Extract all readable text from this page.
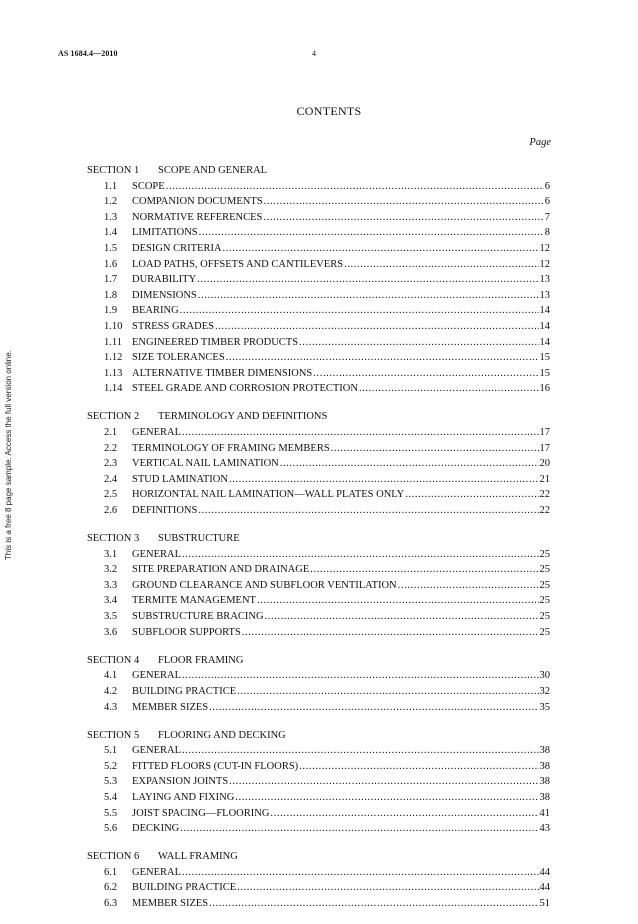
AS 1684.4—2010	4
This is a free 8 page sample. Access the full version online.
CONTENTS
Page
SECTION 1 SCOPE AND GENERAL
1.1	SCOPE .....	6
1.2	COMPANION DOCUMENTS .....	6
1.3	NORMATIVE REFERENCES .....	7
1.4	LIMITATIONS .....	8
1.5	DESIGN CRITERIA .....	12
1.6	LOAD PATHS, OFFSETS AND CANTILEVERS .....	12
1.7	DURABILITY .....	13
1.8	DIMENSIONS .....	13
1.9	BEARING .....	14
1.10 STRESS GRADES .....	14
1.11 ENGINEERED TIMBER PRODUCTS .....	14
1.12 SIZE TOLERANCES .....	15
1.13 ALTERNATIVE TIMBER DIMENSIONS .....	15
1.14 STEEL GRADE AND CORROSION PROTECTION .....	16
SECTION 2 TERMINOLOGY AND DEFINITIONS
2.1	GENERAL .....	17
2.2	TERMINOLOGY OF FRAMING MEMBERS .....	17
2.3	VERTICAL NAIL LAMINATION .....	20
2.4	STUD LAMINATION .....	21
2.5	HORIZONTAL NAIL LAMINATION—WALL PLATES ONLY .....	22
2.6	DEFINITIONS .....	22
SECTION 3 SUBSTRUCTURE
3.1	GENERAL .....	25
3.2	SITE PREPARATION AND DRAINAGE .....	25
3.3	GROUND CLEARANCE AND SUBFLOOR VENTILATION .....	25
3.4	TERMITE MANAGEMENT .....	25
3.5	SUBSTRUCTURE BRACING .....	25
3.6	SUBFLOOR SUPPORTS .....	25
SECTION 4 FLOOR FRAMING
4.1	GENERAL .....	30
4.2	BUILDING PRACTICE .....	32
4.3	MEMBER SIZES .....	35
SECTION 5 FLOORING AND DECKING
5.1	GENERAL .....	38
5.2	FITTED FLOORS (CUT-IN FLOORS) .....	38
5.3	EXPANSION JOINTS .....	38
5.4	LAYING AND FIXING .....	38
5.5	JOIST SPACING—FLOORING .....	41
5.6	DECKING .....	43
SECTION 6 WALL FRAMING
6.1	GENERAL .....	44
6.2	BUILDING PRACTICE .....	44
6.3	MEMBER SIZES .....	51
